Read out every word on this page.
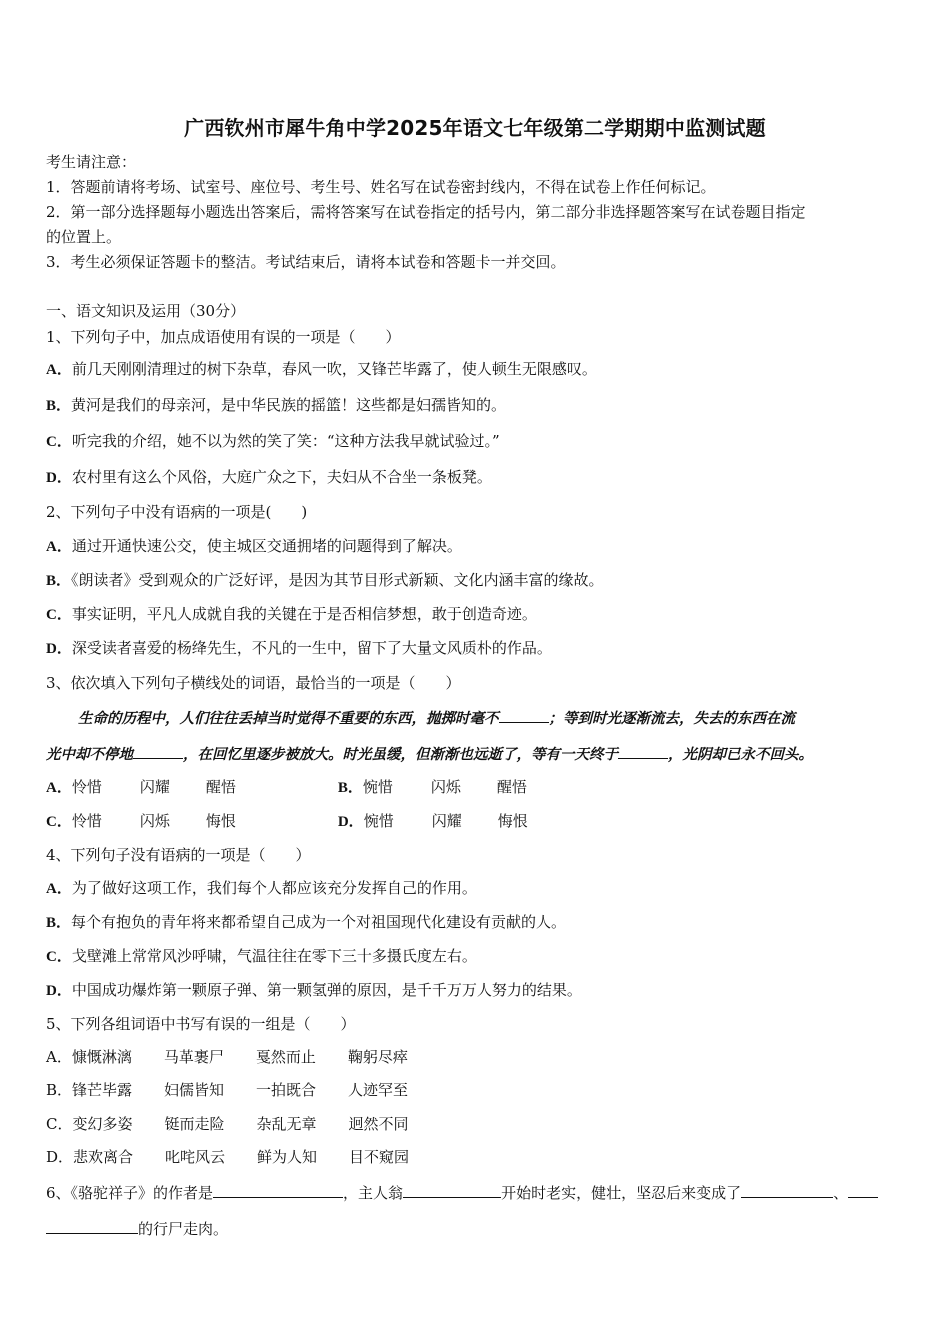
广西钦州市犀牛角中学2025年语文七年级第二学期期中监测试题
考生请注意：
1．答题前请将考场、试室号、座位号、考生号、姓名写在试卷密封线内，不得在试卷上作任何标记。
2．第一部分选择题每小题选出答案后，需将答案写在试卷指定的括号内，第二部分非选择题答案写在试卷题目指定
的位置上。
3．考生必须保证答题卡的整洁。考试结束后，请将本试卷和答题卡一并交回。
一、语文知识及运用（30分）
1、下列句子中，加点成语使用有误的一项是（　　）
A．前几天刚刚清理过的树下杂草，春风一吹，又锋芒毕露了，使人顿生无限感叹。
B．黄河是我们的母亲河，是中华民族的摇篮！这些都是妇孺皆知的。
C．听完我的介绍，她不以为然的笑了笑：“这种方法我早就试验过。”
D．农村里有这么个风俗，大庭广众之下，夫妇从不合坐一条板凳。
2、下列句子中没有语病的一项是(　　)
A．通过开通快速公交，使主城区交通拥堵的问题得到了解决。
B．《朗读者》受到观众的广泛好评，是因为其节目形式新颖、文化内涵丰富的缘故。
C．事实证明，平凡人成就自我的关键在于是否相信梦想，敢于创造奇迹。
D．深受读者喜爱的杨绛先生，不凡的一生中，留下了大量文风质朴的作品。
3、依次填入下列句子横线处的词语，最恰当的一项是（　　）
生命的历程中，人们往往丢掉当时觉得不重要的东西，抛掷时毫不	；等到时光逐渐流去，失去的东西在流
光中却不停地	，在回忆里逐步被放大。时光虽缓，但渐渐也远逝了，等有一天终于	，光阴却已永不回头。
A．怜惜	闪耀 醒悟	B．惋惜	闪烁 醒悟
C．怜惜	闪烁 悔恨	D．惋惜	闪耀 悔恨
4、下列句子没有语病的一项是（　　）
A．为了做好这项工作，我们每个人都应该充分发挥自己的作用。
B．每个有抱负的青年将来都希望自己成为一个对祖国现代化建设有贡献的人。
C．戈壁滩上常常风沙呼啸，气温往往在零下三十多摄氏度左右。
D．中国成功爆炸第一颗原子弹、第一颗氢弹的原因，是千千万万人努力的结果。
5、下列各组词语中书写有误的一组是（　　）
A．慷慨淋漓 马革裹尸 戛然而止 鞠躬尽瘁
B．锋芒毕露 妇儒皆知 一拍既合 人迹罕至
C．变幻多姿 铤而走险 杂乱无章 迥然不同
D．悲欢离合 叱咤风云 鲜为人知 目不窥园
6、《骆驼祥子》的作者是	，主人翁	开始时老实，健壮，坚忍后来变成了	、
的行尸走肉。
